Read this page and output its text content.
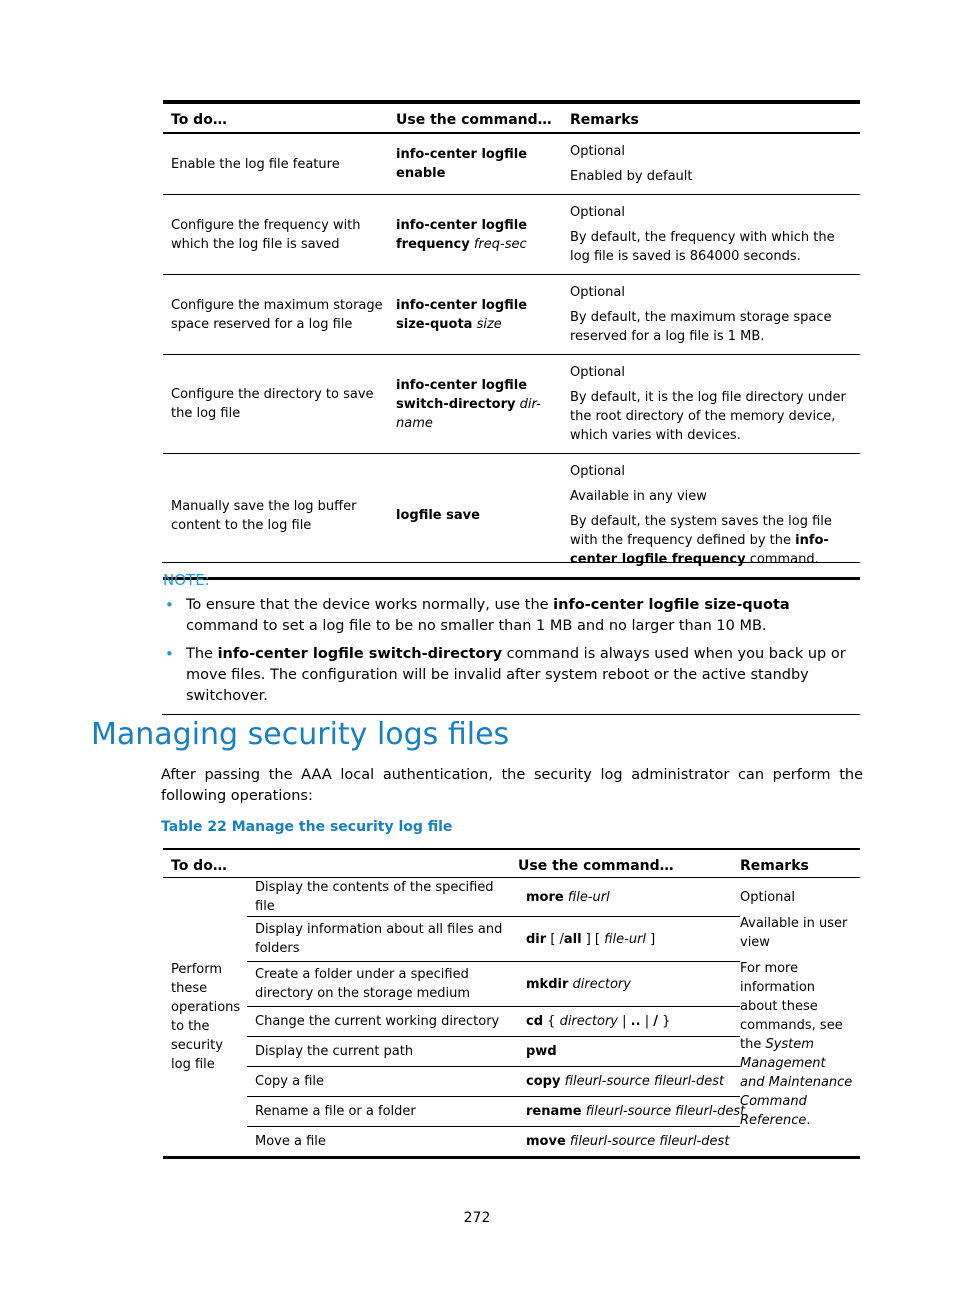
To do…	Use the command…	Remarks
Enable the log file feature	info-center logfile enable	Optional

Enabled by default

Configure the frequency with which the log file is saved	info-center logfile frequency freq-sec	Optional

By default, the frequency with which the log file is saved is 864000 seconds.

Configure the maximum storage space reserved for a log file	info-center logfile size-quota size	Optional

By default, the maximum storage space reserved for a log file is 1 MB.

Configure the directory to save the log file	info-center logfile switch-directory dir-name	Optional

By default, it is the log file directory under the root directory of the memory device, which varies with devices.

Manually save the log buffer content to the log file	logfile save	Optional

Available in any view

By default, the system saves the log file with the frequency defined by the info-center logfile frequency command.

NOTE:
• To ensure that the device works normally, use the info-center logfile size-quota command to set a log file to be no smaller than 1 MB and no larger than 10 MB.
• The info-center logfile switch-directory command is always used when you back up or move files. The configuration will be invalid after system reboot or the active standby switchover.
Managing security logs files
After passing the AAA local authentication, the security log administrator can perform the following operations:
Table 22 Manage the security log file
To do…		Use the command…	Remarks
Perform these operations to the security log file	Display the contents of the specified file	more file-url	Optional

Available in user view

For more information about these commands, see the System Management and Maintenance Command Reference.

	Display information about all files and folders	dir [ /all ] [ file-url ]	
	Create a folder under a specified directory on the storage medium	mkdir directory	
	Change the current working directory	cd { directory | .. | / }	
	Display the current path	pwd	
	Copy a file	copy fileurl-source fileurl-dest	
	Rename a file or a folder	rename fileurl-source fileurl-dest	
	Move a file	move fileurl-source fileurl-dest	
272
